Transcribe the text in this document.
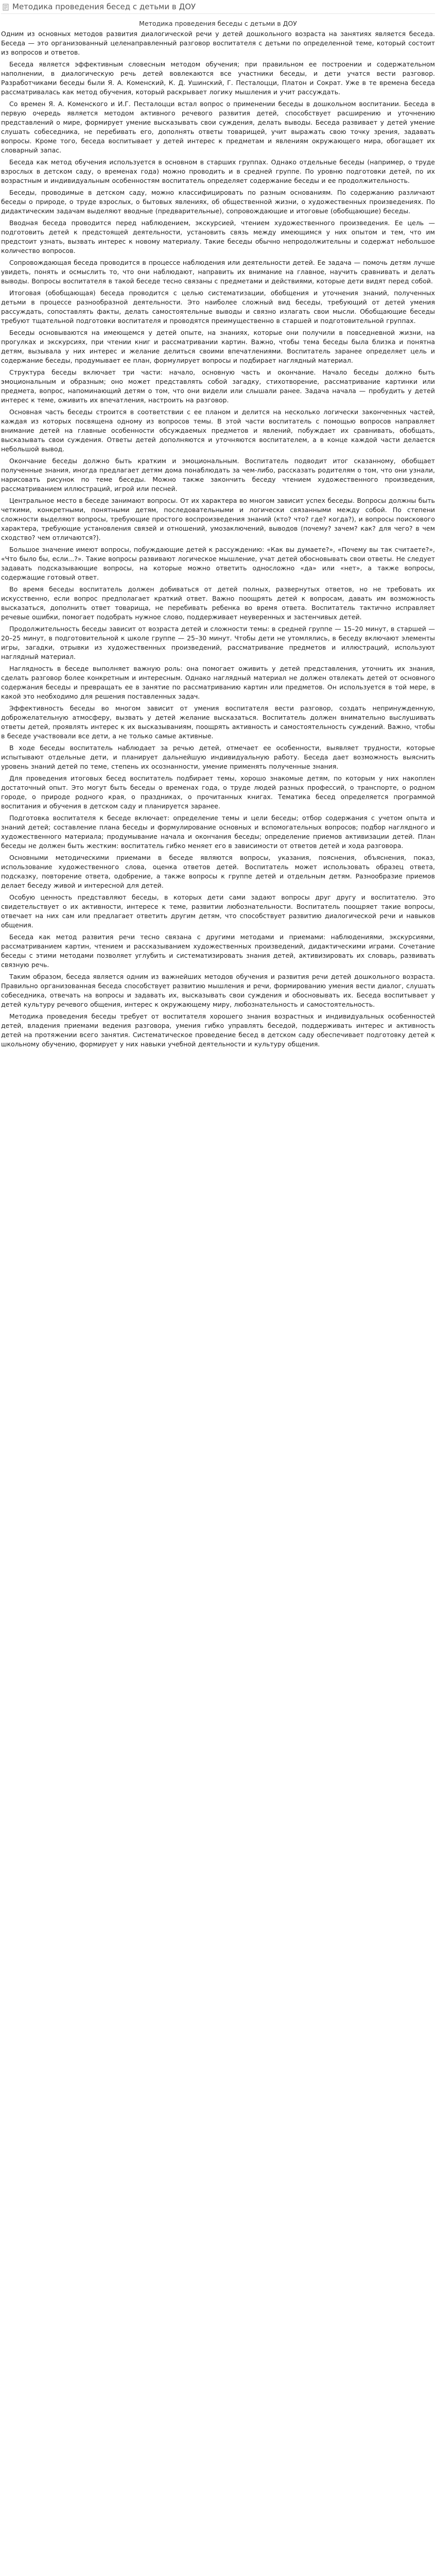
Методика проведения бесед с детьми в ДОУ

Методика проведения беседы с детьми в ДОУ

Одним из основных методов развития диалогической речи у детей дошкольного возраста на занятиях является беседа. Беседа — это организованный целенаправленный разговор воспитателя с детьми по определенной теме, который состоит из вопросов и ответов.

Беседа является эффективным словесным методом обучения; при правильном ее построении и содержательном наполнении, в диалогическую речь детей вовлекаются все участники беседы, и дети учатся вести разговор. Разработчиками беседы были Я. А. Коменский, К. Д. Ушинский, Г. Песталоцци, Платон и Сократ. Уже в те времена беседа рассматривалась как метод обучения, который раскрывает логику мышления и учит рассуждать.

Со времен Я. А. Коменского и И.Г. Песталоцци встал вопрос о применении беседы в дошкольном воспитании. Беседа в первую очередь является методом активного речевого развития детей, способствует расширению и уточнению представлений о мире, формирует умение высказывать свои суждения, делать выводы. Беседа развивает у детей умение слушать собеседника, не перебивать его, дополнять ответы товарищей, учит выражать свою точку зрения, задавать вопросы. Кроме того, беседа воспитывает у детей интерес к предметам и явлениям окружающего мира, обогащает их словарный запас.

Беседа как метод обучения используется в основном в старших группах. Однако отдельные беседы (например, о труде взрослых в детском саду, о временах года) можно проводить и в средней группе. По уровню подготовки детей, по их возрастным и индивидуальным особенностям воспитатель определяет содержание беседы и ее продолжительность.

Беседы, проводимые в детском саду, можно классифицировать по разным основаниям. По содержанию различают беседы о природе, о труде взрослых, о бытовых явлениях, об общественной жизни, о художественных произведениях. По дидактическим задачам выделяют вводные (предварительные), сопровождающие и итоговые (обобщающие) беседы.

Вводная беседа проводится перед наблюдением, экскурсией, чтением художественного произведения. Ее цель — подготовить детей к предстоящей деятельности, установить связь между имеющимся у них опытом и тем, что им предстоит узнать, вызвать интерес к новому материалу. Такие беседы обычно непродолжительны и содержат небольшое количество вопросов.

Сопровождающая беседа проводится в процессе наблюдения или деятельности детей. Ее задача — помочь детям лучше увидеть, понять и осмыслить то, что они наблюдают, направить их внимание на главное, научить сравнивать и делать выводы. Вопросы воспитателя в такой беседе тесно связаны с предметами и действиями, которые дети видят перед собой.

Итоговая (обобщающая) беседа проводится с целью систематизации, обобщения и уточнения знаний, полученных детьми в процессе разнообразной деятельности. Это наиболее сложный вид беседы, требующий от детей умения рассуждать, сопоставлять факты, делать самостоятельные выводы и связно излагать свои мысли. Обобщающие беседы требуют тщательной подготовки воспитателя и проводятся преимущественно в старшей и подготовительной группах.

Беседы основываются на имеющемся у детей опыте, на знаниях, которые они получили в повседневной жизни, на прогулках и экскурсиях, при чтении книг и рассматривании картин. Важно, чтобы тема беседы была близка и понятна детям, вызывала у них интерес и желание делиться своими впечатлениями. Воспитатель заранее определяет цель и содержание беседы, продумывает ее план, формулирует вопросы и подбирает наглядный материал.

Структура беседы включает три части: начало, основную часть и окончание. Начало беседы должно быть эмоциональным и образным; оно может представлять собой загадку, стихотворение, рассматривание картинки или предмета, вопрос, напоминающий детям о том, что они видели или слышали ранее. Задача начала — пробудить у детей интерес к теме, оживить их впечатления, настроить на разговор.

Основная часть беседы строится в соответствии с ее планом и делится на несколько логически законченных частей, каждая из которых посвящена одному из вопросов темы. В этой части воспитатель с помощью вопросов направляет внимание детей на главные особенности обсуждаемых предметов и явлений, побуждает их сравнивать, обобщать, высказывать свои суждения. Ответы детей дополняются и уточняются воспитателем, а в конце каждой части делается небольшой вывод.

Окончание беседы должно быть кратким и эмоциональным. Воспитатель подводит итог сказанному, обобщает полученные знания, иногда предлагает детям дома понаблюдать за чем-либо, рассказать родителям о том, что они узнали, нарисовать рисунок по теме беседы. Можно также закончить беседу чтением художественного произведения, рассматриванием иллюстраций, игрой или песней.

Центральное место в беседе занимают вопросы. От их характера во многом зависит успех беседы. Вопросы должны быть четкими, конкретными, понятными детям, последовательными и логически связанными между собой. По степени сложности выделяют вопросы, требующие простого воспроизведения знаний (кто? что? где? когда?), и вопросы поискового характера, требующие установления связей и отношений, умозаключений, выводов (почему? зачем? как? для чего? в чем сходство? чем отличаются?).

Большое значение имеют вопросы, побуждающие детей к рассуждению: «Как вы думаете?», «Почему вы так считаете?», «Что было бы, если...?». Такие вопросы развивают логическое мышление, учат детей обосновывать свои ответы. Не следует задавать подсказывающие вопросы, на которые можно ответить односложно «да» или «нет», а также вопросы, содержащие готовый ответ.

Во время беседы воспитатель должен добиваться от детей полных, развернутых ответов, но не требовать их искусственно, если вопрос предполагает краткий ответ. Важно поощрять детей к вопросам, давать им возможность высказаться, дополнить ответ товарища, не перебивать ребенка во время ответа. Воспитатель тактично исправляет речевые ошибки, помогает подобрать нужное слово, поддерживает неуверенных и застенчивых детей.

Продолжительность беседы зависит от возраста детей и сложности темы: в средней группе — 15–20 минут, в старшей — 20–25 минут, в подготовительной к школе группе — 25–30 минут. Чтобы дети не утомлялись, в беседу включают элементы игры, загадки, отрывки из художественных произведений, рассматривание предметов и иллюстраций, используют наглядный материал.

Наглядность в беседе выполняет важную роль: она помогает оживить у детей представления, уточнить их знания, сделать разговор более конкретным и интересным. Однако наглядный материал не должен отвлекать детей от основного содержания беседы и превращать ее в занятие по рассматриванию картин или предметов. Он используется в той мере, в какой это необходимо для решения поставленных задач.

Эффективность беседы во многом зависит от умения воспитателя вести разговор, создать непринужденную, доброжелательную атмосферу, вызвать у детей желание высказаться. Воспитатель должен внимательно выслушивать ответы детей, проявлять интерес к их высказываниям, поощрять активность и самостоятельность суждений. Важно, чтобы в беседе участвовали все дети, а не только самые активные.

В ходе беседы воспитатель наблюдает за речью детей, отмечает ее особенности, выявляет трудности, которые испытывают отдельные дети, и планирует дальнейшую индивидуальную работу. Беседа дает возможность выяснить уровень знаний детей по теме, степень их осознанности, умение применять полученные знания.

Для проведения итоговых бесед воспитатель подбирает темы, хорошо знакомые детям, по которым у них накоплен достаточный опыт. Это могут быть беседы о временах года, о труде людей разных профессий, о транспорте, о родном городе, о природе родного края, о праздниках, о прочитанных книгах. Тематика бесед определяется программой воспитания и обучения в детском саду и планируется заранее.

Подготовка воспитателя к беседе включает: определение темы и цели беседы; отбор содержания с учетом опыта и знаний детей; составление плана беседы и формулирование основных и вспомогательных вопросов; подбор наглядного и художественного материала; продумывание начала и окончания беседы; определение приемов активизации детей. План беседы не должен быть жестким: воспитатель гибко меняет его в зависимости от ответов детей и хода разговора.

Основными методическими приемами в беседе являются вопросы, указания, пояснения, объяснения, показ, использование художественного слова, оценка ответов детей. Воспитатель может использовать образец ответа, подсказку, повторение ответа, одобрение, а также вопросы к группе детей и отдельным детям. Разнообразие приемов делает беседу живой и интересной для детей.

Особую ценность представляют беседы, в которых дети сами задают вопросы друг другу и воспитателю. Это свидетельствует о их активности, интересе к теме, развитии любознательности. Воспитатель поощряет такие вопросы, отвечает на них сам или предлагает ответить другим детям, что способствует развитию диалогической речи и навыков общения.

Беседа как метод развития речи тесно связана с другими методами и приемами: наблюдениями, экскурсиями, рассматриванием картин, чтением и рассказыванием художественных произведений, дидактическими играми. Сочетание беседы с этими методами позволяет углубить и систематизировать знания детей, активизировать их словарь, развивать связную речь.

Таким образом, беседа является одним из важнейших методов обучения и развития речи детей дошкольного возраста. Правильно организованная беседа способствует развитию мышления и речи, формированию умения вести диалог, слушать собеседника, отвечать на вопросы и задавать их, высказывать свои суждения и обосновывать их. Беседа воспитывает у детей культуру речевого общения, интерес к окружающему миру, любознательность и самостоятельность.

Методика проведения беседы требует от воспитателя хорошего знания возрастных и индивидуальных особенностей детей, владения приемами ведения разговора, умения гибко управлять беседой, поддерживать интерес и активность детей на протяжении всего занятия. Систематическое проведение бесед в детском саду обеспечивает подготовку детей к школьному обучению, формирует у них навыки учебной деятельности и культуру общения.
